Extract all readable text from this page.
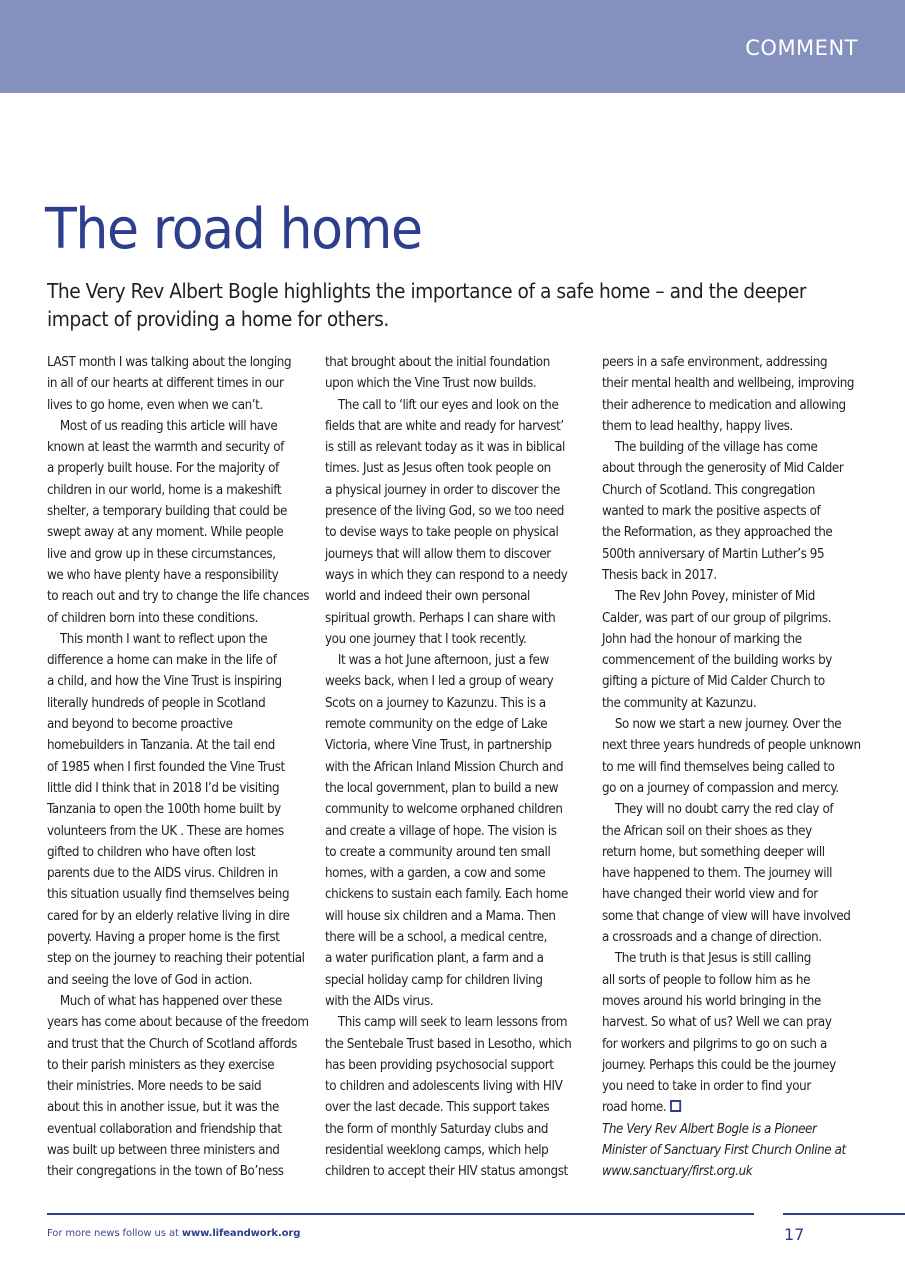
COMMENT
The road home

The Very Rev Albert Bogle highlights the importance of a safe home – and the deeper impact of providing a home for others.

LAST month I was talking about the longing
in all of our hearts at different times in our
lives to go home, even when we can’t.
Most of us reading this article will have
known at least the warmth and security of
a properly built house. For the majority of
children in our world, home is a makeshift
shelter, a temporary building that could be
swept away at any moment. While people
live and grow up in these circumstances,
we who have plenty have a responsibility
to reach out and try to change the life chances
of children born into these conditions.
This month I want to reflect upon the
difference a home can make in the life of
a child, and how the Vine Trust is inspiring
literally hundreds of people in Scotland
and beyond to become proactive
homebuilders in Tanzania. At the tail end
of 1985 when I first founded the Vine Trust
little did I think that in 2018 I’d be visiting
Tanzania to open the 100th home built by
volunteers from the UK . These are homes
gifted to children who have often lost
parents due to the AIDS virus. Children in
this situation usually find themselves being
cared for by an elderly relative living in dire
poverty. Having a proper home is the first
step on the journey to reaching their potential
and seeing the love of God in action.
Much of what has happened over these
years has come about because of the freedom
and trust that the Church of Scotland affords
to their parish ministers as they exercise
their ministries. More needs to be said
about this in another issue, but it was the
eventual collaboration and friendship that
was built up between three ministers and
their congregations in the town of Bo’ness
that brought about the initial foundation
upon which the Vine Trust now builds.
The call to ‘lift our eyes and look on the
fields that are white and ready for harvest’
is still as relevant today as it was in biblical
times. Just as Jesus often took people on
a physical journey in order to discover the
presence of the living God, so we too need
to devise ways to take people on physical
journeys that will allow them to discover
ways in which they can respond to a needy
world and indeed their own personal
spiritual growth. Perhaps I can share with
you one journey that I took recently.
It was a hot June afternoon, just a few
weeks back, when I led a group of weary
Scots on a journey to Kazunzu. This is a
remote community on the edge of Lake
Victoria, where Vine Trust, in partnership
with the African Inland Mission Church and
the local government, plan to build a new
community to welcome orphaned children
and create a village of hope. The vision is
to create a community around ten small
homes, with a garden, a cow and some
chickens to sustain each family. Each home
will house six children and a Mama. Then
there will be a school, a medical centre,
a water purification plant, a farm and a
special holiday camp for children living
with the AIDs virus.
This camp will seek to learn lessons from
the Sentebale Trust based in Lesotho, which
has been providing psychosocial support
to children and adolescents living with HIV
over the last decade. This support takes
the form of monthly Saturday clubs and
residential weeklong camps, which help
children to accept their HIV status amongst
peers in a safe environment, addressing
their mental health and wellbeing, improving
their adherence to medication and allowing
them to lead healthy, happy lives.
The building of the village has come
about through the generosity of Mid Calder
Church of Scotland. This congregation
wanted to mark the positive aspects of
the Reformation, as they approached the
500th anniversary of Martin Luther’s 95
Thesis back in 2017.
The Rev John Povey, minister of Mid
Calder, was part of our group of pilgrims.
John had the honour of marking the
commencement of the building works by
gifting a picture of Mid Calder Church to
the community at Kazunzu.
So now we start a new journey. Over the
next three years hundreds of people unknown
to me will find themselves being called to
go on a journey of compassion and mercy.
They will no doubt carry the red clay of
the African soil on their shoes as they
return home, but something deeper will
have happened to them. The journey will
have changed their world view and for
some that change of view will have involved
a crossroads and a change of direction.
The truth is that Jesus is still calling
all sorts of people to follow him as he
moves around his world bringing in the
harvest. So what of us? Well we can pray
for workers and pilgrims to go on such a
journey. Perhaps this could be the journey
you need to take in order to find your
road home.
The Very Rev Albert Bogle is a Pioneer
Minister of Sanctuary First Church Online at
www.sanctuary/first.org.uk
For more news follow us at www.lifeandwork.org	17
